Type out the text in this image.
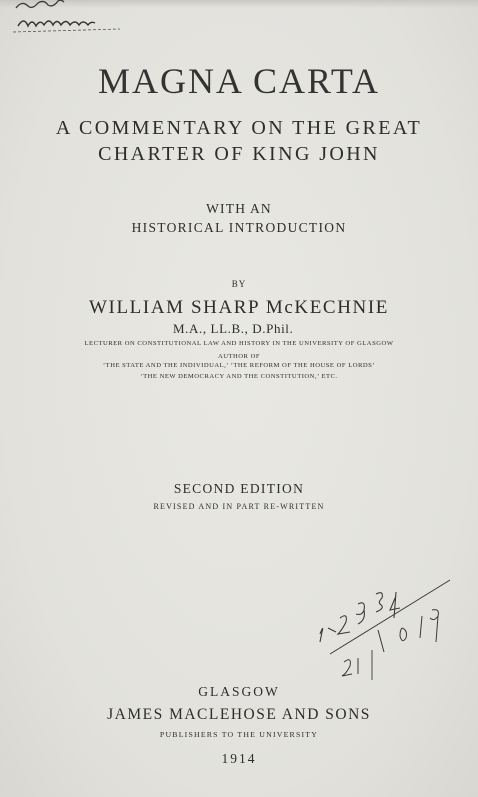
MAGNA CARTA
A COMMENTARY ON THE GREAT
CHARTER OF KING JOHN
WITH AN
HISTORICAL INTRODUCTION
BY
WILLIAM SHARP McKECHNIE
M.A., LL.B., D.Phil.
LECTURER ON CONSTITUTIONAL LAW AND HISTORY IN THE UNIVERSITY OF GLASGOW
AUTHOR OF
‘THE STATE AND THE INDIVIDUAL,’ ‘THE REFORM OF THE HOUSE OF LORDS’
‘THE NEW DEMOCRACY AND THE CONSTITUTION,’ ETC.
SECOND EDITION
REVISED AND IN PART RE-WRITTEN
GLASGOW
JAMES MACLEHOSE AND SONS
PUBLISHERS TO THE UNIVERSITY
1914
